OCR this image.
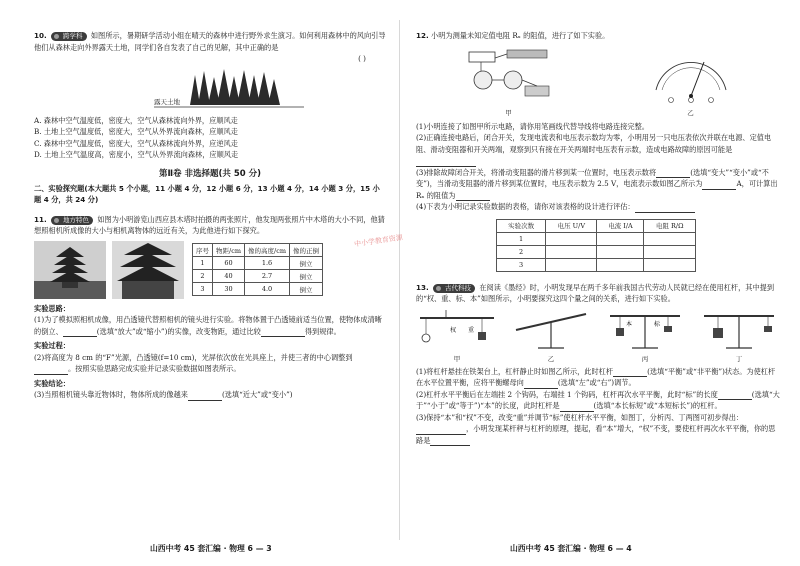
中小学教育资源

10.	跨学科 如图所示，暑期研学活动小组在晴天的森林中进行野外求生演习。如何利用森林中的风向引导他们从森林走向外界露天土地，同学们各自发表了自己的见解，其中正确的是

( )

露天土地

A. 森林中空气温度低，密度大，空气从森林流向外界，应顺风走

B. 土地上空气温度低，密度大，空气从外界流向森林，应顺风走

C. 森林中空气温度低，密度大，空气从森林流向外界，应逆风走

D. 土地上空气温度高，密度小，空气从外界流向森林，应顺风走

第Ⅱ卷 非选择题(共 50 分)

二、实验探究题(本大题共 5 个小题，11 小题 4 分，12 小题 6 分，13 小题 4 分，14 小题 3 分，15 小题 4 分，共 24 分)

11.	地方特色 如图为小明游览山西应县木塔时拍摄的两张照片，他发现两张照片中木塔的大小不同，他猜想照相机所成像的大小与相机离物体的远近有关，为此他进行如下探究。

序号	物距/cm	像的高度/cm	像的正倒
1	60	1.6	倒立
2	40	2.7	倒立
3	30	4.0	倒立

实验思路：

(1)为了模拟照相机成像，用凸透镜代替照相机的镜头进行实验。将物体置于凸透镜前适当位置，使物体成清晰的倒立、	(选填“放大”或“缩小”)的实像，改变物距，通过比较	得到规律。

实验过程：

(2)将高度为 8 cm 的“F”光源，凸透镜(f=10 cm)，光屏依次放在光具座上，并使三者的中心调整到。按照实验思路完成实验并记录实验数据如图表所示。

实验结论：

(3)当照相机镜头靠近物体时，物体所成的像越来	(选填“近大”或“变小”)

山西中考 45 套汇编 · 物理 6 — 3

12. 小明为测量未知定值电阻 Rₓ 的阻值，进行了如下实验。

甲	乙

(1)小明连接了如图甲所示电路，请你用笔画线代替导线将电路连接完整。

(2)正确连接电路后，闭合开关，发现电流表和电压表示数均为零，小明用另一只电压表依次并联在电源、定值电阻、滑动变阻器和开关两端，观察到只有接在开关两端时电压表有示数，造成电路故障的原因可能是

(3)排除故障闭合开关，将滑动变阻器的滑片移到某一位置时，电压表示数将	(选填“变大”“变小”或“不变”)，当滑动变阻器的滑片移到某位置时，电压表示数为 2.5 V，电流表示数如图乙所示为	A，可计算出 Rₓ 的阻值为

(4)下表为小明记录实验数据的表格，请你对该表格的设计进行评估：

实验次数	电压 U/V	电流 I/A	电阻 R/Ω
1			
2			
3			

13.	古代科技 在阅读《墨经》时，小明发现早在两千多年前我国古代劳动人民就已经在使用杠杆，其中提到的“权、重、标、本”如图所示，小明要探究这四个量之间的关系，进行如下实验。

权 重
甲	乙
本	标
丙	丁

(1)将杠杆悬挂在铁架台上，杠杆静止时如图乙所示，此时杠杆	(选填“平衡”或“非平衡”)状态。为使杠杆在水平位置平衡，应将平衡螺母向	(选填“左”或“右”)调节。

(2)杠杆水平平衡后在左端挂 2 个钩码，右端挂 1 个钩码，杠杆再次水平平衡，此时“标”的长度	(选填“大于”“小于”或“等于”)“本”的长度，此时杠杆是	(选填“本长标短”或“本短标长”)的杠杆。

(3)保持“本”和“权”不变，改变“重”并调节“标”使杠杆水平平衡，如图丁，分析丙、丁两图可初步得出：，小明发现某杆秤与杠杆的原理，提起，看“本”增大，“权”不变，要使杠杆再次水平平衡，你的思路是

山西中考 45 套汇编 · 物理 6 — 4
